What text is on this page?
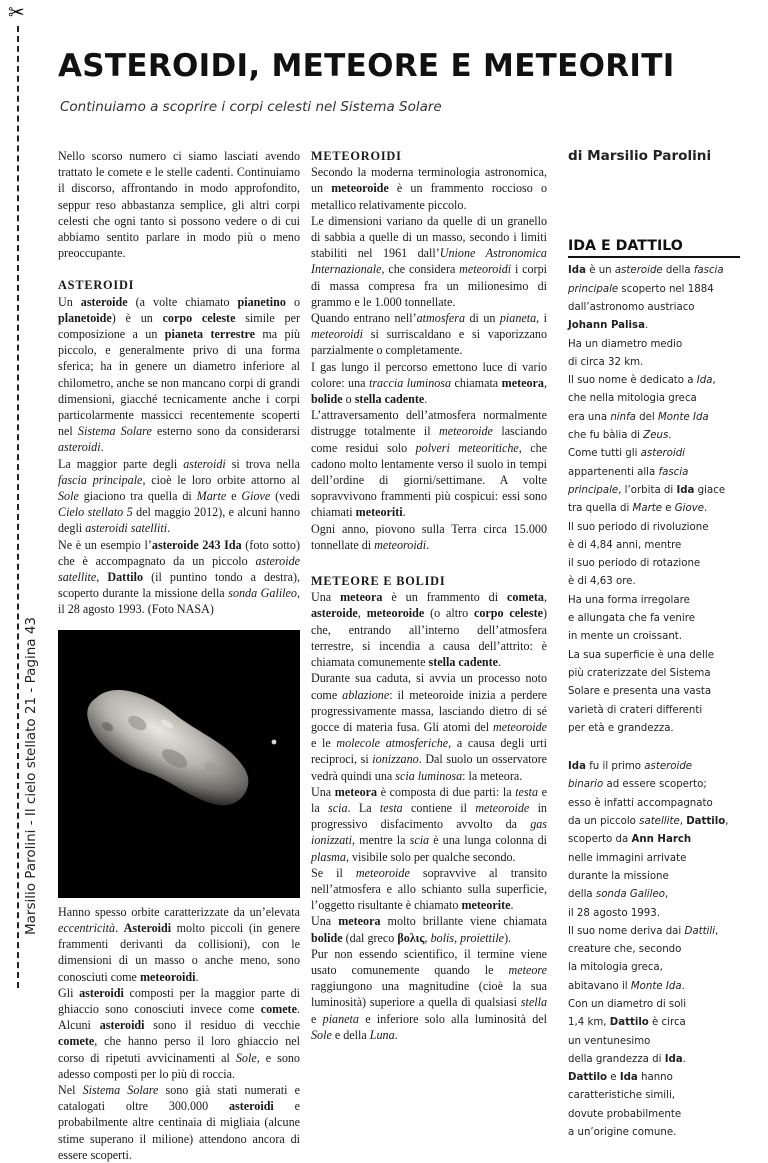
✂
Marsilio Parolini - Il cielo stellato 21 - Pagina 43
ASTEROIDI, METEORE E METEORITI

Continuiamo a scoprire i corpi celesti nel Sistema Solare

Nello scorso numero ci siamo lasciati avendo trattato le comete e le stelle cadenti. Continuiamo il discorso, affrontando in modo approfondito, seppur reso abbastanza semplice, gli altri corpi celesti che ogni tanto si possono vedere o di cui abbiamo sentito parlare in modo più o meno preoccupante.

ASTEROIDI

Un asteroide (a volte chiamato pianetino o planetoide) è un corpo celeste simile per composizione a un pianeta terrestre ma più piccolo, e generalmente privo di una forma sferica; ha in genere un diametro inferiore al chilometro, anche se non mancano corpi di grandi dimensioni, giacché tecnicamente anche i corpi particolarmente massicci recentemente scoperti nel Sistema Solare esterno sono da considerarsi asteroidi.

La maggior parte degli asteroidi si trova nella fascia principale, cioè le loro orbite attorno al Sole giaciono tra quella di Marte e Giove (vedi Cielo stellato 5 del maggio 2012), e alcuni hanno degli asteroidi satelliti.

Ne è un esempio l’asteroide 243 Ida (foto sotto) che è accompagnato da un piccolo asteroide satellite, Dattilo (il puntino tondo a destra), scoperto durante la missione della sonda Galileo, il 28 agosto 1993. (Foto NASA)

Hanno spesso orbite caratterizzate da un’elevata eccentricità. Asteroidi molto piccoli (in genere frammenti derivanti da collisioni), con le dimensioni di un masso o anche meno, sono conosciuti come meteoroidi.

Gli asteroidi composti per la maggior parte di ghiaccio sono conosciuti invece come comete. Alcuni asteroidi sono il residuo di vecchie comete, che hanno perso il loro ghiaccio nel corso di ripetuti avvicinamenti al Sole, e sono adesso composti per lo più di roccia.

Nel Sistema Solare sono già stati numerati e catalogati oltre 300.000 asteroidi e probabilmente altre centinaia di migliaia (alcune stime superano il milione) attendono ancora di essere scoperti.

METEOROIDI

Secondo la moderna terminologia astronomica, un meteoroide è un frammento roccioso o metallico relativamente piccolo.

Le dimensioni variano da quelle di un granello di sabbia a quelle di un masso, secondo i limiti stabiliti nel 1961 dall’Unione Astronomica Internazionale, che considera meteoroidi i corpi di massa compresa fra un milionesimo di grammo e le 1.000 tonnellate.

Quando entrano nell’atmosfera di un pianeta, i meteoroidi si surriscaldano e si vaporizzano parzialmente o completamente.

I gas lungo il percorso emettono luce di vario colore: una traccia luminosa chiamata meteora, bolide o stella cadente.

L’attraversamento dell’atmosfera normalmente distrugge totalmente il meteoroide lasciando come residui solo polveri meteoritiche, che cadono molto lentamente verso il suolo in tempi dell’ordine di giorni/settimane. A volte sopravvivono frammenti più cospicui: essi sono chiamati meteoriti.

Ogni anno, piovono sulla Terra circa 15.000 tonnellate di meteoroidi.

METEORE E BOLIDI

Una meteora è un frammento di cometa, asteroide, meteoroide (o altro corpo celeste) che, entrando all’interno dell’atmosfera terrestre, si incendia a causa dell’attrito: è chiamata comunemente stella cadente.

Durante sua caduta, si avvia un processo noto come ablazione: il meteoroide inizia a perdere progressivamente massa, lasciando dietro di sé gocce di materia fusa. Gli atomi del meteoroide e le molecole atmosferiche, a causa degli urti reciproci, si ionizzano. Dal suolo un osservatore vedrà quindi una scia luminosa: la meteora.

Una meteora è composta di due parti: la testa e la scia. La testa contiene il meteoroide in progressivo disfacimento avvolto da gas ionizzati, mentre la scia è una lunga colonna di plasma, visibile solo per qualche secondo.

Se il meteoroide sopravvive al transito nell’atmosfera e allo schianto sulla superficie, l’oggetto risultante è chiamato meteorite.

Una meteora molto brillante viene chiamata bolide (dal greco βολις, bolis, proiettile).

Pur non essendo scientifico, il termine viene usato comunemente quando le meteore raggiungono una magnitudine (cioè la sua luminosità) superiore a quella di qualsiasi stella e pianeta e inferiore solo alla luminosità del Sole e della Luna.

di Marsilio Parolini

IDA E DATTILO

Ida è un asteroide della fascia
principale scoperto nel 1884
dall’astronomo austriaco
Johann Palisa.
Ha un diametro medio
di circa 32 km.
Il suo nome è dedicato a Ida,
che nella mitologia greca
era una ninfa del Monte Ida
che fu bàlia di Zeus.
Come tutti gli asteroidi
appartenenti alla fascia
principale, l’orbita di Ida giace
tra quella di Marte e Giove.
Il suo periodo di rivoluzione
è di 4,84 anni, mentre
il suo periodo di rotazione
è di 4,63 ore.
Ha una forma irregolare
e allungata che fa venire
in mente un croissant.
La sua superficie è una delle
più craterizzate del Sistema
Solare e presenta una vasta
varietà di crateri differenti
per età e grandezza.
Ida fu il primo asteroide
binario ad essere scoperto;
esso è infatti accompagnato
da un piccolo satellite, Dattilo,
scoperto da Ann Harch
nelle immagini arrivate
durante la missione
della sonda Galileo,
il 28 agosto 1993.
Il suo nome deriva dai Dattili,
creature che, secondo
la mitologia greca,
abitavano il Monte Ida.
Con un diametro di soli
1,4 km, Dattilo è circa
un ventunesimo
della grandezza di Ida.
Dattilo e Ida hanno
caratteristiche simili,
dovute probabilmente
a un’origine comune.
